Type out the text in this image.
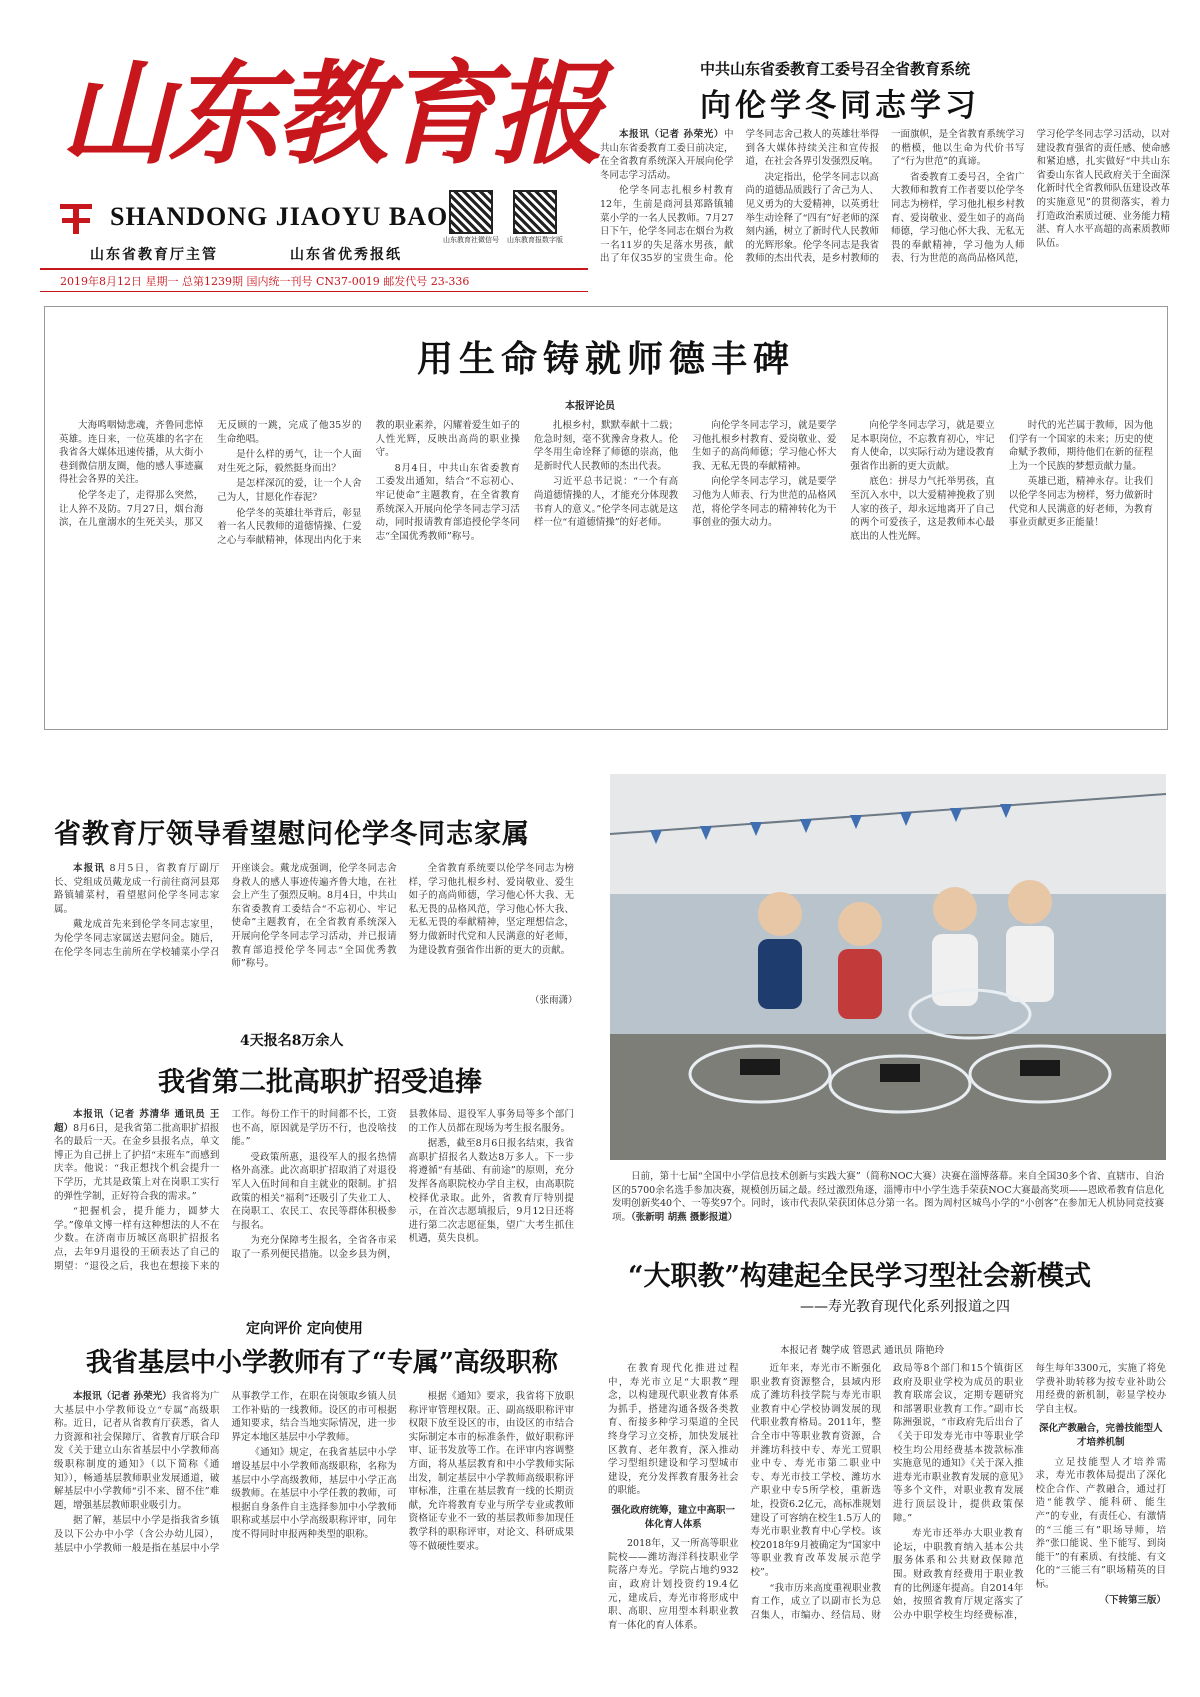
山东教育报
SHANDONG JIAOYU BAO
山东教育社微信号 山东教育报数字版
山东省教育厅主管	山东省优秀报纸
2019年8月12日 星期一 总第1239期 国内统一刊号 CN37-0019 邮发代号 23-336
中共山东省委教育工委号召全省教育系统
向伦学冬同志学习

本报讯（记者 孙荣光）中共山东省委教育工委日前决定，在全省教育系统深入开展向伦学冬同志学习活动。

伦学冬同志扎根乡村教育12年，生前是商河县郑路镇辅菜小学的一名人民教师。7月27日下午，伦学冬同志在烟台为救一名11岁的失足落水男孩，献出了年仅35岁的宝贵生命。伦学冬同志舍己救人的英雄壮举得到各大媒体持续关注和宣传报道，在社会各界引发强烈反响。

决定指出，伦学冬同志以高尚的道德品质践行了舍己为人、见义勇为的大爱精神，以英勇壮举生动诠释了“四有”好老师的深刻内涵，树立了新时代人民教师的光辉形象。伦学冬同志是我省教师的杰出代表，是乡村教师的一面旗帜，是全省教育系统学习的楷模，他以生命为代价书写了“行为世范”的真谛。

省委教育工委号召，全省广大教师和教育工作者要以伦学冬同志为榜样，学习他扎根乡村教育、爱岗敬业、爱生如子的高尚师德，学习他心怀大我、无私无畏的奉献精神，学习他为人师表、行为世范的高尚品格风范，学习伦学冬同志学习活动，以对建设教育强省的责任感、使命感和紧迫感，扎实做好“中共山东省委山东省人民政府关于全面深化新时代全省教师队伍建设改革的实施意见”的贯彻落实，着力打造政治素质过硬、业务能力精湛、育人水平高超的高素质教师队伍。

用生命铸就师德丰碑
本报评论员

大海鸣咽恸悲魂，齐鲁同悲悼英雄。连日来，一位英雄的名字在我省各大媒体迅速传播，从大街小巷到微信朋友圈，他的感人事迹赢得社会各界的关注。

伦学冬走了，走得那么突然，让人猝不及防。7月27日，烟台海滨，在儿童溺水的生死关头，那又无反顾的一跳，完成了他35岁的生命绝唱。

是什么样的勇气，让一个人面对生死之际，毅然挺身而出？

是怎样深沉的爱，让一个人舍己为人，甘愿化作春泥？

伦学冬的英雄壮举背后，彰显着一名人民教师的道德情操、仁爱之心与奉献精神，体现出内化于来教的职业素养，闪耀着爱生如子的人性光辉，反映出高尚的职业操守。

8月4日，中共山东省委教育工委发出通知，结合“不忘初心、牢记使命”主题教育，在全省教育系统深入开展向伦学冬同志学习活动，同时报请教育部追授伦学冬同志“全国优秀教师”称号。

扎根乡村，默默奉献十二载；危急时刻，毫不犹豫舍身救人。伦学冬用生命诠释了师德的崇高，他是新时代人民教师的杰出代表。

习近平总书记说：“一个有高尚道德情操的人，才能充分体现教书育人的意义。”伦学冬同志就是这样一位“有道德情操”的好老师。

向伦学冬同志学习，就是要学习他扎根乡村教育、爱岗敬业、爱生如子的高尚师德；学习他心怀大我、无私无畏的奉献精神。

向伦学冬同志学习，就是要学习他为人师表、行为世范的品格风范，将伦学冬同志的精神转化为干事创业的强大动力。

向伦学冬同志学习，就是要立足本职岗位，不忘教育初心，牢记育人使命，以实际行动为建设教育强省作出新的更大贡献。

底色：拼尽力气托举男孩，直至沉入水中，以大爱精神挽救了别人家的孩子，却永远地离开了自己的两个可爱孩子，这是教师本心最底出的人性光辉。

时代的光芒属于教师，因为他们学有一个国家的未来；历史的使命赋予教师，期待他们在新的征程上为一个民族的梦想贡献力量。

英雄已逝，精神永存。让我们以伦学冬同志为榜样，努力做新时代党和人民满意的好老师，为教育事业贡献更多正能量！

省教育厅领导看望慰问伦学冬同志家属

本报讯 8月5日，省教育厅副厅长、党组成员戴龙成一行前往商河县郑路镇辅菜村，看望慰问伦学冬同志家属。

戴龙成首先来到伦学冬同志家里，为伦学冬同志家属送去慰问金。随后，在伦学冬同志生前所在学校辅菜小学召开座谈会。戴龙成强调，伦学冬同志舍身救人的感人事迹传遍齐鲁大地，在社会上产生了强烈反响。8月4日，中共山东省委教育工委结合“不忘初心、牢记使命”主题教育，在全省教育系统深入开展向伦学冬同志学习活动，并已报请教育部追授伦学冬同志“全国优秀教师”称号。

全省教育系统要以伦学冬同志为榜样，学习他扎根乡村、爱岗敬业、爱生如子的高尚师德，学习他心怀大我、无私无畏的品格风范，学习他心怀大我、无私无畏的奉献精神，坚定理想信念，努力做新时代党和人民满意的好老师，为建设教育强省作出新的更大的贡献。

（张雨潇）
4天报名8万余人
我省第二批高职扩招受追捧

本报讯（记者 苏清华 通讯员 王超）8月6日，是我省第二批高职扩招报名的最后一天。在金乡县报名点，单文博正为自己拼上了护招“末班车”而感到庆幸。他说：“我正想找个机会提升一下学历，尤其是政策上对在岗职工实行的弹性学制，正好符合我的需求。”

“把握机会，提升能力，圆梦大学。”像单文博一样有这种想法的人不在少数。在济南市历城区高职扩招报名点，去年9月退役的王硕表达了自己的期望：“退役之后，我也在想接下来的工作。每份工作干的时间都不长，工资也不高，原因就是学历不行，也没啥技能。”

受政策所惠，退役军人的报名热情格外高涨。此次高职扩招取消了对退役军人入伍时间和自主就业的限制。扩招政策的相关“福利”还吸引了失业工人、在岗职工、农民工、农民等群体积极参与报名。

为充分保障考生报名，全省各市采取了一系列便民措施。以金乡县为例，县教体局、退役军人事务局等多个部门的工作人员都在现场为考生报名服务。

据悉，截至8月6日报名结束，我省高职扩招报名人数达8万多人。下一步将遵循“有基础、有前途”的原则，充分发挥各高职院校办学自主权，由高职院校择优录取。此外，省教育厅特别提示，在首次志愿填报后，9月12日还将进行第二次志愿征集，望广大考生抓住机遇，莫失良机。

定向评价 定向使用
我省基层中小学教师有了“专属”高级职称

本报讯（记者 孙荣光）我省将为广大基层中小学教师设立“专属”高级职称。近日，记者从省教育厅获悉，省人力资源和社会保障厅、省教育厅联合印发《关于建立山东省基层中小学教师高级职称制度的通知》（以下简称《通知》），畅通基层教师职业发展通道，破解基层中小学教师“引不来、留不住”难题，增强基层教师职业吸引力。

据了解，基层中小学是指我省乡镇及以下公办中小学（含公办幼儿园），基层中小学教师一般是指在基层中小学从事教学工作，在职在岗领取乡镇人员工作补贴的一线教师。设区的市可根据通知要求，结合当地实际情况，进一步界定本地区基层中小学教师。

《通知》规定，在我省基层中小学增设基层中小学教师高级职称，名称为基层中小学高级教师，基层中小学正高级教师。在基层中小学任教的教师，可根据自身条件自主选择参加中小学教师职称或基层中小学高级职称评审，同年度不得同时申报两种类型的职称。

根据《通知》要求，我省将下放职称评审管理权限。正、副高级职称评审权限下放至设区的市，由设区的市结合实际制定本市的标准条件，做好职称评审、证书发放等工作。在评审内容调整方面，将从基层教育和中小学教师实际出发，制定基层中小学教师高级职称评审标准，注重在基层教育一线的长期贡献，允许将教育专业与所学专业或教师资格证专业不一致的基层教师参加现任教学科的职称评审，对论文、科研成果等不做硬性要求。

日前，第十七届“全国中小学信息技术创新与实践大赛”（简称NOC大赛）决赛在淄博落幕。来自全国30多个省、直辖市、自治区的5700余名选手参加决赛，规模创历届之最。经过激烈角逐，淄博市中小学生选手荣获NOC大赛最高奖项——恩欧希教育信息化发明创新奖40个、一等奖97个。同时，该市代表队荣获团体总分第一名。图为周村区城鸟小学的“小创客”在参加无人机协同竞技赛项。（张新明 胡燕 摄影报道）

“大职教”构建起全民学习型社会新模式
——寿光教育现代化系列报道之四
本报记者 魏学成 管恩武 通讯员 隋艳玲

在教育现代化推进过程中，寿光市立足“大职教”理念，以构建现代职业教育体系为抓手，搭建沟通各级各类教育、衔接多种学习渠道的全民终身学习立交桥，加快发展社区教育、老年教育，深入推动学习型组织建设和学习型城市建设，充分发挥教育服务社会的职能。

强化政府统筹，建立中高职一体化育人体系

2018年，又一所高等职业院校——潍坊海洋科技职业学院落户寿光。学院占地约932亩，政府计划投资约19.4亿元，建成后，寿光市将形成中职、高职、应用型本科职业教育一体化的育人体系。

近年来，寿光市不断强化职业教育资源整合，县域内形成了潍坊科技学院与寿光市职业教育中心学校协调发展的现代职业教育格局。2011年，整合全市中等职业教育资源，合并潍坊科技中专、寿光工贸职业中专、寿光市第二职业中专、寿光市技工学校、潍坊水产职业中专5所学校，重新选址，投资6.2亿元，高标准规划建设了可容纳在校生1.5万人的寿光市职业教育中心学校。该校2018年9月被确定为“国家中等职业教育改革发展示范学校”。

“我市历来高度重视职业教育工作，成立了以副市长为总召集人，市编办、经信局、财政局等8个部门和15个镇街区政府及职业学校为成员的职业教育联席会议，定期专题研究和部署职业教育工作。”副市长陈洲强说，“市政府先后出台了《关于印发寿光市中等职业学校生均公用经费基本拨款标准实施意见的通知》《关于深入推进寿光市职业教育发展的意见》等多个文件，对职业教育发展进行顶层设计，提供政策保障。”

寿光市还举办大职业教育论坛，中职教育纳入基本公共服务体系和公共财政保障范围。财政教育经费用于职业教育的比例逐年提高。自2014年始，按照省教育厅规定落实了公办中职学校生均经费标准，每生每年3300元，实施了将免学费补助转移为按专业补助公用经费的新机制，彰显学校办学自主权。

深化产教融合，完善技能型人才培养机制

立足技能型人才培养需求，寿光市教体局提出了深化校企合作、产教融合，通过打造“能教学、能科研、能生产”的专业，有责任心、有激情的“三能三有”职场导师，培养“张口能说、坐下能写、到岗能干”的有素质、有技能、有文化的“三能三有”职场精英的目标。

（下转第三版）
